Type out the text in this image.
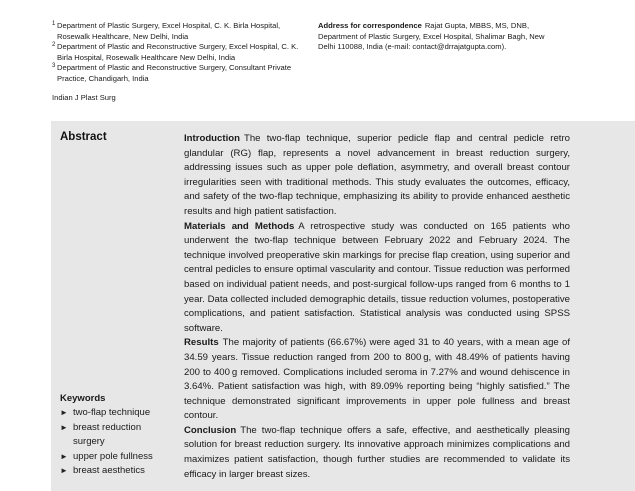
1 Department of Plastic Surgery, Excel Hospital, C. K. Birla Hospital, Rosewalk Healthcare, New Delhi, India
2 Department of Plastic and Reconstructive Surgery, Excel Hospital, C. K. Birla Hospital, Rosewalk Healthcare New Delhi, India
3 Department of Plastic and Reconstructive Surgery, Consultant Private Practice, Chandigarh, India
Indian J Plast Surg
Address for correspondence Rajat Gupta, MBBS, MS, DNB, Department of Plastic Surgery, Excel Hospital, Shalimar Bagh, New Delhi 110088, India (e-mail: contact@drrajatgupta.com).
Abstract	Introduction The two-flap technique, superior pedicle flap and central pedicle retro glandular (RG) flap, represents a novel advancement in breast reduction surgery, addressing issues such as upper pole deflation, asymmetry, and overall breast contour irregularities seen with traditional methods. This study evaluates the outcomes, efficacy, and safety of the two-flap technique, emphasizing its ability to provide enhanced aesthetic results and high patient satisfaction.

Materials and Methods A retrospective study was conducted on 165 patients who underwent the two-flap technique between February 2022 and February 2024. The technique involved preoperative skin markings for precise flap creation, using superior and central pedicles to ensure optimal vascularity and contour. Tissue reduction was performed based on individual patient needs, and post-surgical follow-ups ranged from 6 months to 1 year. Data collected included demographic details, tissue reduction volumes, postoperative complications, and patient satisfaction. Statistical analysis was conducted using SPSS software.

Results The majority of patients (66.67%) were aged 31 to 40 years, with a mean age of 34.59 years. Tissue reduction ranged from 200 to 800 g, with 48.49% of patients having 200 to 400 g removed. Complications included seroma in 7.27% and wound dehiscence in 3.64%. Patient satisfaction was high, with 89.09% reporting being “highly satisfied.” The technique demonstrated significant improvements in upper pole fullness and breast contour.

Conclusion The two-flap technique offers a safe, effective, and aesthetically pleasing solution for breast reduction surgery. Its innovative approach minimizes complications and maximizes patient satisfaction, though further studies are recommended to validate its efficacy in larger breast sizes.

Keywords
► two-flap technique
► breast reduction surgery
► upper pole fullness
► breast aesthetics
